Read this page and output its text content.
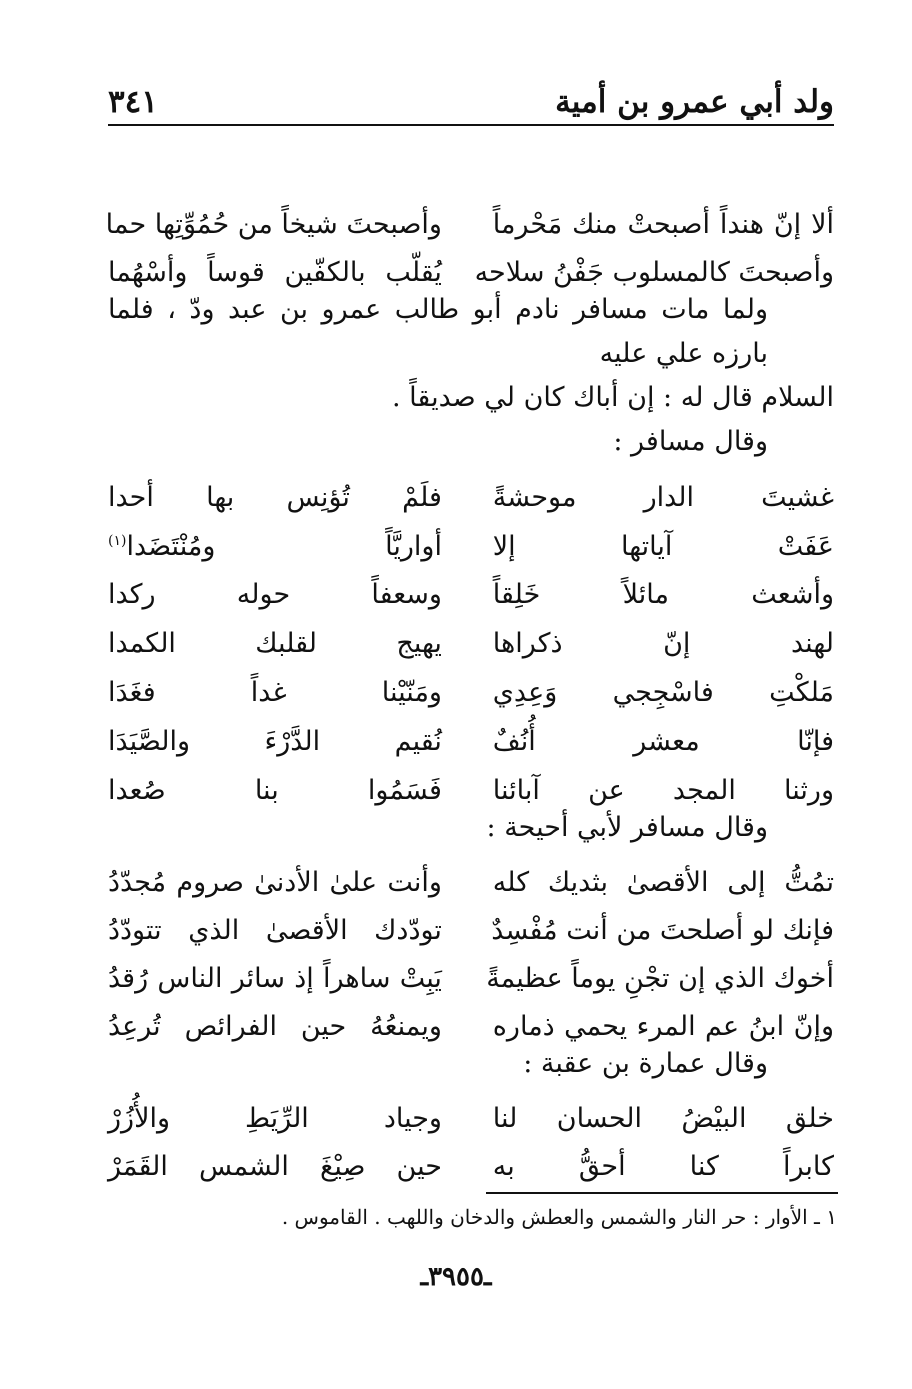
ولد أبي عمرو بن أمية
٣٤١
ألا إنّ هنداً أصبحتْ منك مَحْرماً
وأصبحتَ شيخاً من حُمُوِّتِها حما
وأصبحتَ كالمسلوب جَفْنُ سلاحه
يُقلّب بالكفّين قوساً وأسْهُما
ولما مات مسافر نادم أبو طالب عمرو بن عبد ودّ ، فلما بارزه علي عليه
السلام قال له : إن أباك كان لي صديقاً .
وقال مسافر :
غشيتَ الدار موحشةً
فلَمْ تُؤنِس بها أحدا
عَفَتْ آياتها إلا
أواريَّاً ومُنْتَضَدا$^{(١)}$
وأشعث مائلاً خَلِقاً
وسعفاً حوله ركدا
لهند إنّ ذكراها
يهيج لقلبك الكمدا
مَلكْتِ فاسْجِجي وَعِدِي
ومَنّيْنا غداً فغَدَا
فإنّا معشر أُنُفٌ
نُقيم الدَّرْءَ والصَّيَدَا
ورثنا المجد عن آبائنا
فَسَمُوا بنا صُعدا
وقال مسافر لأبي أحيحة :
تمُتُّ إلى الأقصىٰ بثديك كله
وأنت علىٰ الأدنىٰ صروم مُجدّدُ
فإنك لو أصلحتَ من أنت مُفْسِدٌ
تودّدك الأقصىٰ الذي تتودّدُ
أخوك الذي إن تجْنِ يوماً عظيمةً
يَبِتْ ساهراً إذ سائر الناس رُقدُ
وإنّ ابنُ عم المرء يحمي ذماره
ويمنعُهُ حين الفرائص تُرعِدُ
وقال عمارة بن عقبة :
خلق البيْضُ الحسان لنا
وجياد الرِّيَطِ والأُزُرْ
كابراً كنا أحقُّ به
حين صِيْغَ الشمس القَمَرْ
١ ـ الأوار : حر النار والشمس والعطش والدخان واللهب . القاموس .
ـ٣٩٥٥ـ
